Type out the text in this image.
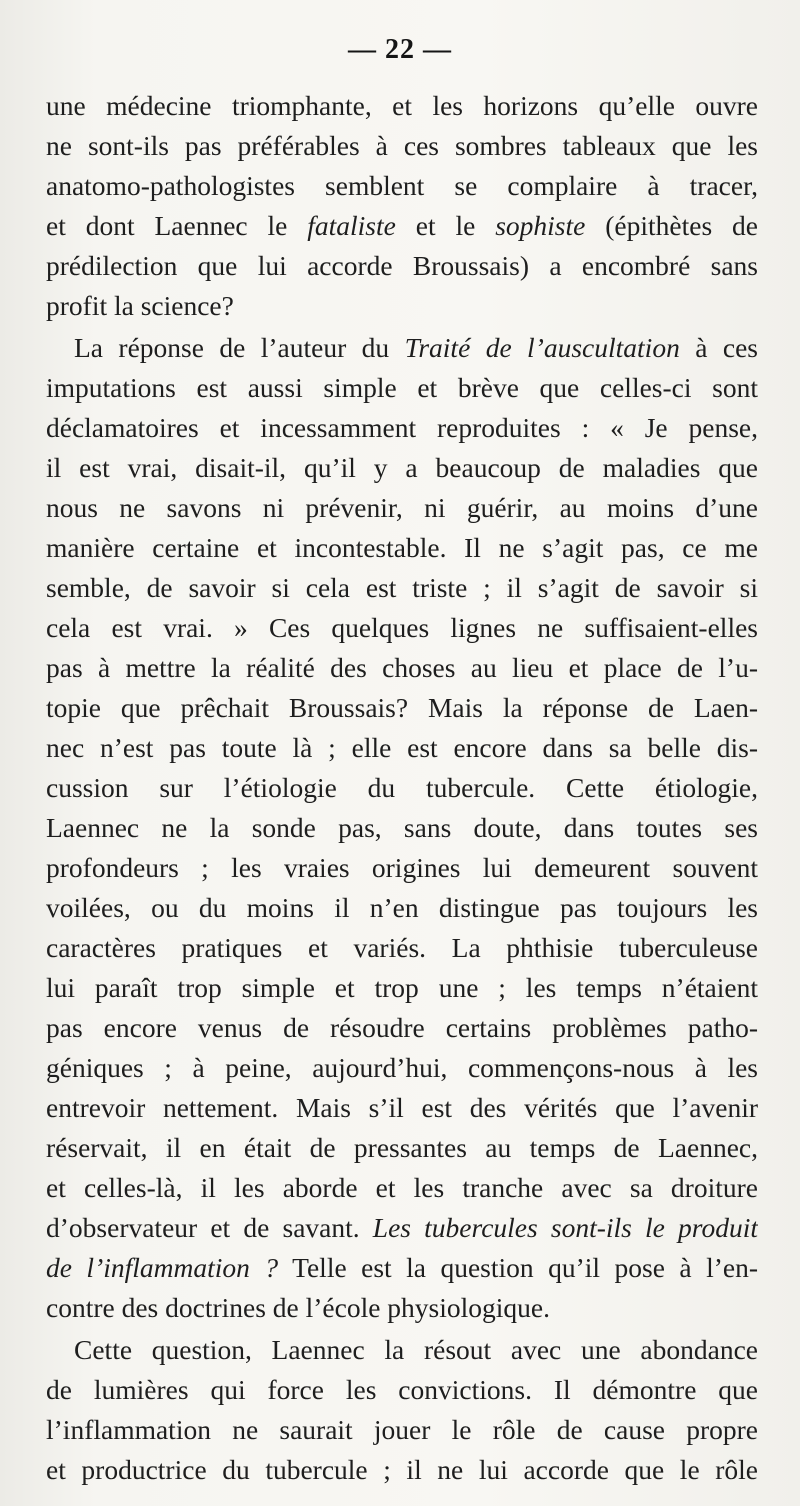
— 22 —
une médecine triomphante, et les horizons qu’elle ouvre
ne sont-ils pas préférables à ces sombres tableaux que les
anatomo-pathologistes semblent se complaire à tracer,
et dont Laennec le fataliste et le sophiste (épithètes de
prédilection que lui accorde Broussais) a encombré sans
profit la science?
La réponse de l’auteur du Traité de l’auscultation à ces
imputations est aussi simple et brève que celles-ci sont
déclamatoires et incessamment reproduites : « Je pense,
il est vrai, disait-il, qu’il y a beaucoup de maladies que
nous ne savons ni prévenir, ni guérir, au moins d’une
manière certaine et incontestable. Il ne s’agit pas, ce me
semble, de savoir si cela est triste ; il s’agit de savoir si
cela est vrai. » Ces quelques lignes ne suffisaient-elles
pas à mettre la réalité des choses au lieu et place de l’u-
topie que prêchait Broussais? Mais la réponse de Laen-
nec n’est pas toute là ; elle est encore dans sa belle dis-
cussion sur l’étiologie du tubercule. Cette étiologie,
Laennec ne la sonde pas, sans doute, dans toutes ses
profondeurs ; les vraies origines lui demeurent souvent
voilées, ou du moins il n’en distingue pas toujours les
caractères pratiques et variés. La phthisie tuberculeuse
lui paraît trop simple et trop une ; les temps n’étaient
pas encore venus de résoudre certains problèmes patho-
géniques ; à peine, aujourd’hui, commençons-nous à les
entrevoir nettement. Mais s’il est des vérités que l’avenir
réservait, il en était de pressantes au temps de Laennec,
et celles-là, il les aborde et les tranche avec sa droiture
d’observateur et de savant. Les tubercules sont-ils le produit
de l’inflammation ? Telle est la question qu’il pose à l’en-
contre des doctrines de l’école physiologique.
Cette question, Laennec la résout avec une abondance
de lumières qui force les convictions. Il démontre que
l’inflammation ne saurait jouer le rôle de cause propre
et productrice du tubercule ; il ne lui accorde que le rôle
